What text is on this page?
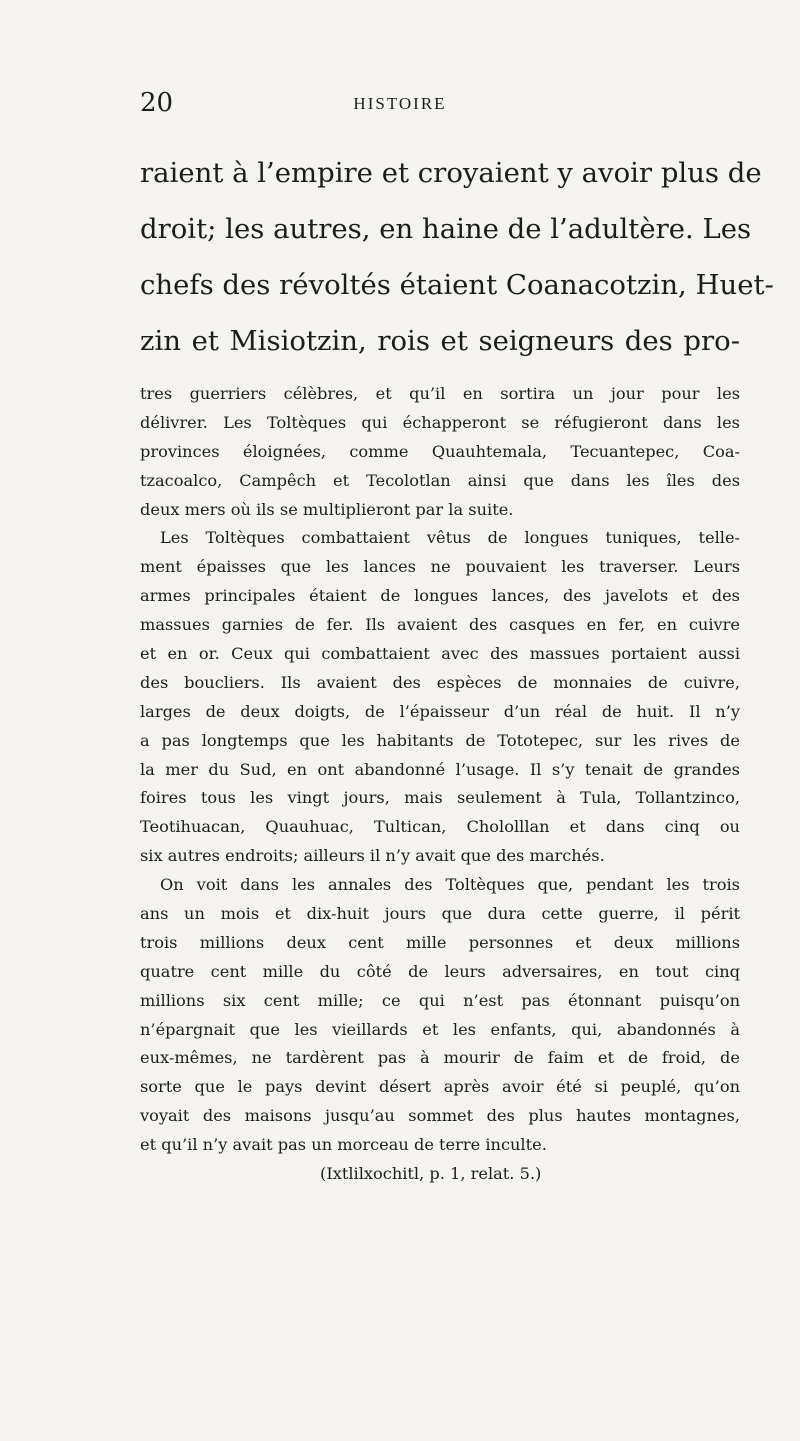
20	HISTOIRE
raient à l’empire et croyaient y avoir plus de
droit; les autres, en haine de l’adultère. Les
chefs des révoltés étaient Coanacotzin, Huet-
zin et Misiotzin, rois et seigneurs des pro-
tres guerriers célèbres, et qu’il en sortira un jour pour les
délivrer. Les Toltèques qui échapperont se réfugieront dans les
provinces éloignées, comme Quauhtemala, Tecuantepec, Coa-
tzacoalco, Campêch et Tecolotlan ainsi que dans les îles des
deux mers où ils se multiplieront par la suite.
Les Toltèques combattaient vêtus de longues tuniques, telle-
ment épaisses que les lances ne pouvaient les traverser. Leurs
armes principales étaient de longues lances, des javelots et des
massues garnies de fer. Ils avaient des casques en fer, en cuivre
et en or. Ceux qui combattaient avec des massues portaient aussi
des boucliers. Ils avaient des espèces de monnaies de cuivre,
larges de deux doigts, de l’épaisseur d’un réal de huit. Il n’y
a pas longtemps que les habitants de Tototepec, sur les rives de
la mer du Sud, en ont abandonné l’usage. Il s’y tenait de grandes
foires tous les vingt jours, mais seulement à Tula, Tollantzinco,
Teotihuacan, Quauhuac, Tultican, Chololllan et dans cinq ou
six autres endroits; ailleurs il n’y avait que des marchés.
On voit dans les annales des Toltèques que, pendant les trois
ans un mois et dix-huit jours que dura cette guerre, il périt
trois millions deux cent mille personnes et deux millions
quatre cent mille du côté de leurs adversaires, en tout cinq
millions six cent mille; ce qui n’est pas étonnant puisqu’on
n’épargnait que les vieillards et les enfants, qui, abandonnés à
eux-mêmes, ne tardèrent pas à mourir de faim et de froid, de
sorte que le pays devint désert après avoir été si peuplé, qu’on
voyait des maisons jusqu’au sommet des plus hautes montagnes,
et qu’il n’y avait pas un morceau de terre inculte.
(Ixtlilxochitl, p. 1, relat. 5.)
